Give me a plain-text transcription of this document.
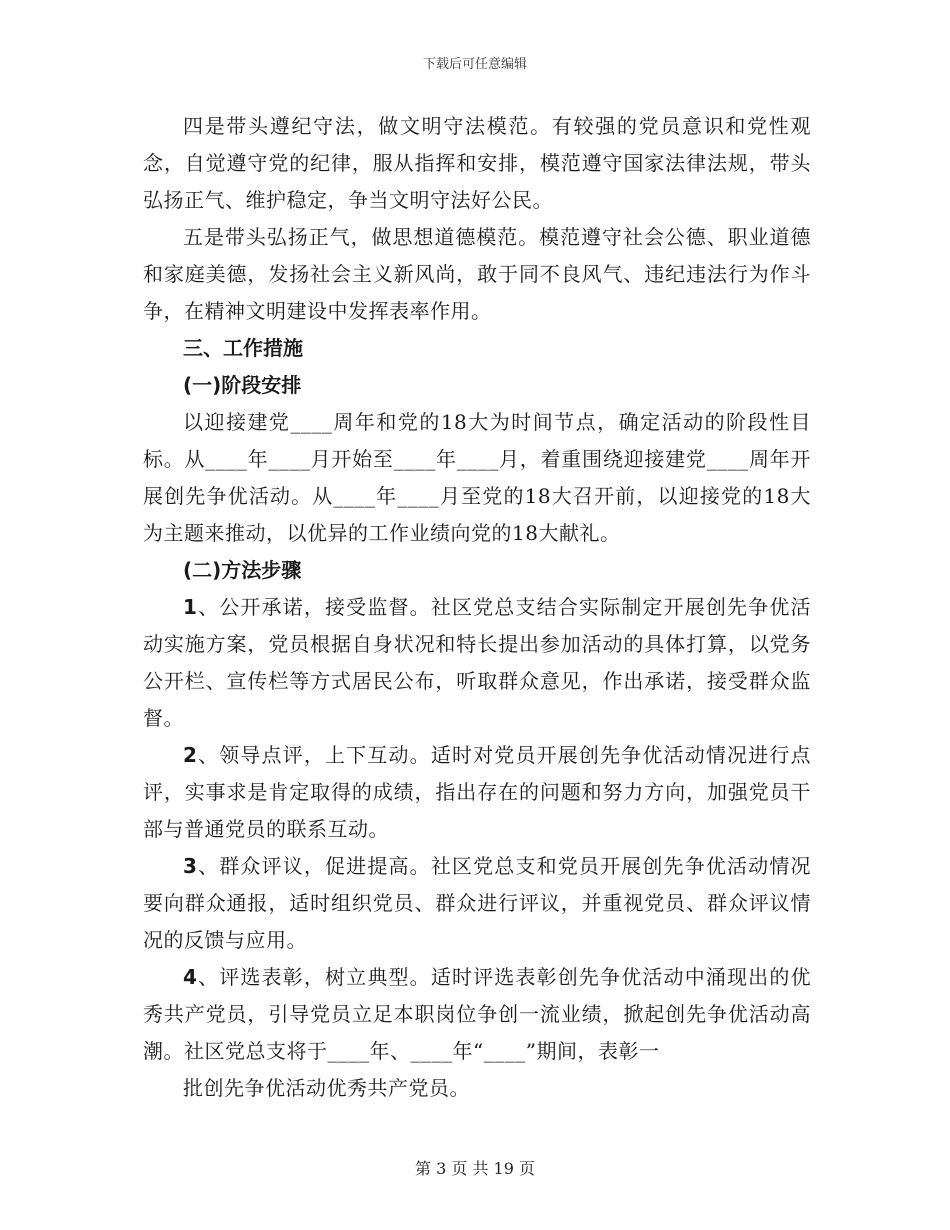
下载后可任意编辑

四是带头遵纪守法，做文明守法模范。有较强的党员意识和党性观念，自觉遵守党的纪律，服从指挥和安排，模范遵守国家法律法规，带头弘扬正气、维护稳定，争当文明守法好公民。

五是带头弘扬正气，做思想道德模范。模范遵守社会公德、职业道德和家庭美德，发扬社会主义新风尚，敢于同不良风气、违纪违法行为作斗争，在精神文明建设中发挥表率作用。

三、工作措施

(一)阶段安排

以迎接建党____周年和党的18大为时间节点，确定活动的阶段性目标。从____年____月开始至____年____月，着重围绕迎接建党____周年开展创先争优活动。从____年____月至党的18大召开前，以迎接党的18大为主题来推动，以优异的工作业绩向党的18大献礼。

(二)方法步骤

1、公开承诺，接受监督。社区党总支结合实际制定开展创先争优活动实施方案，党员根据自身状况和特长提出参加活动的具体打算，以党务公开栏、宣传栏等方式居民公布，听取群众意见，作出承诺，接受群众监督。

2、领导点评，上下互动。适时对党员开展创先争优活动情况进行点评，实事求是肯定取得的成绩，指出存在的问题和努力方向，加强党员干部与普通党员的联系互动。

3、群众评议，促进提高。社区党总支和党员开展创先争优活动情况要向群众通报，适时组织党员、群众进行评议，并重视党员、群众评议情况的反馈与应用。

4、评选表彰，树立典型。适时评选表彰创先争优活动中涌现出的优秀共产党员，引导党员立足本职岗位争创一流业绩，掀起创先争优活动高潮。社区党总支将于____年、____年“____”期间，表彰一

批创先争优活动优秀共产党员。

第 3 页 共 19 页
